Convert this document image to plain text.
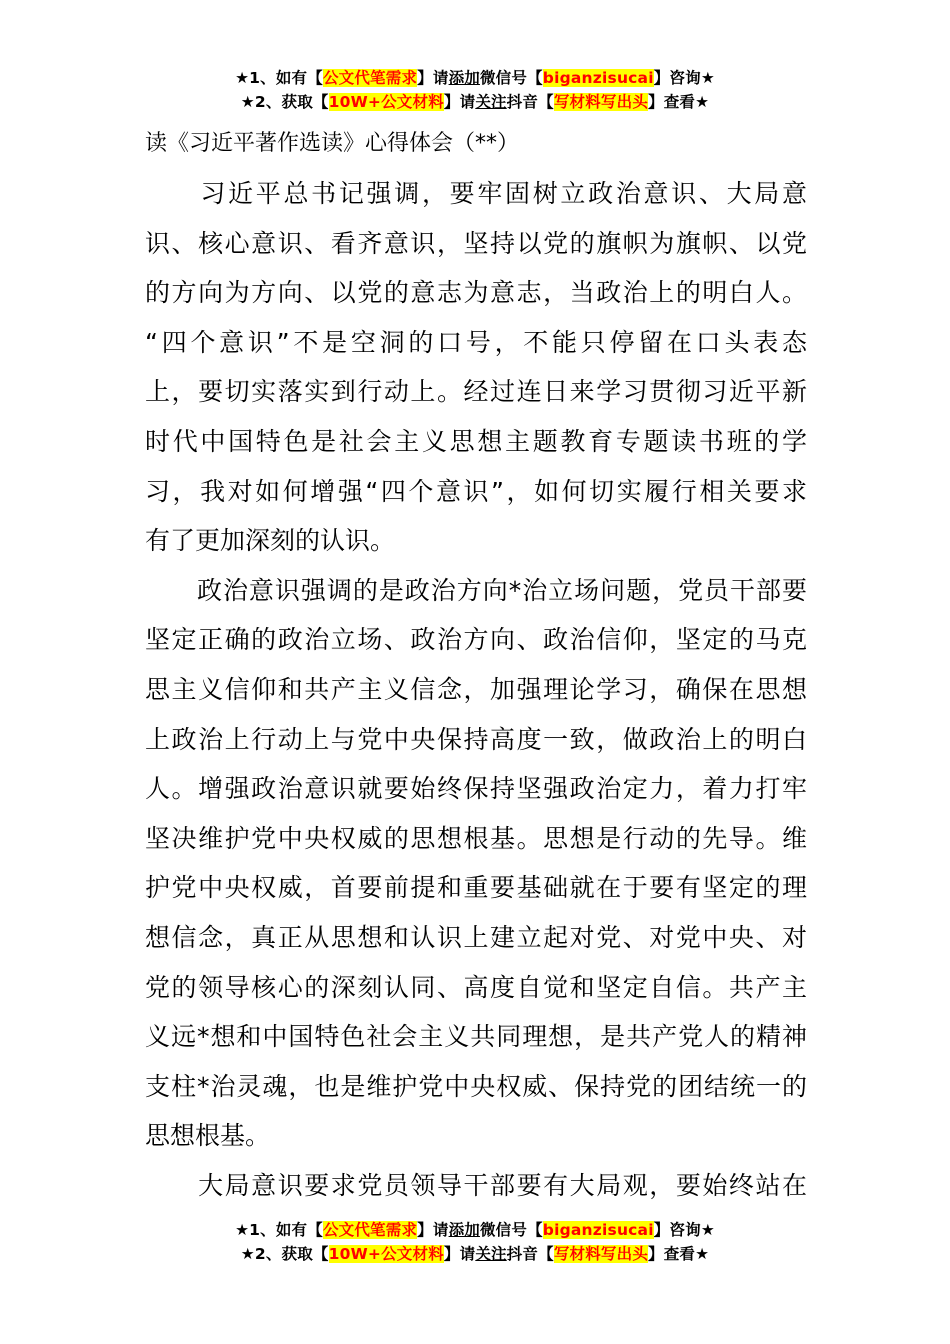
★1、如有【公文代笔需求】请添加微信号【biganzisucai】咨询★
★2、获取【10W+公文材料】请关注抖音【写材料写出头】查看★
读《习近平著作选读》心得体会（**）
　　习近平总书记强调，要牢固树立政治意识、大局意
识、核心意识、看齐意识，坚持以党的旗帜为旗帜、以党
的方向为方向、以党的意志为意志，当政治上的明白人。
“四个意识”不是空洞的口号，不能只停留在口头表态
上，要切实落实到行动上。经过连日来学习贯彻习近平新
时代中国特色是社会主义思想主题教育专题读书班的学
习，我对如何增强“四个意识”，如何切实履行相关要求
有了更加深刻的认识。
　　政治意识强调的是政治方向*治立场问题，党员干部要
坚定正确的政治立场、政治方向、政治信仰，坚定的马克
思主义信仰和共产主义信念，加强理论学习，确保在思想
上政治上行动上与党中央保持高度一致，做政治上的明白
人。增强政治意识就要始终保持坚强政治定力，着力打牢
坚决维护党中央权威的思想根基。思想是行动的先导。维
护党中央权威，首要前提和重要基础就在于要有坚定的理
想信念，真正从思想和认识上建立起对党、对党中央、对
党的领导核心的深刻认同、高度自觉和坚定自信。共产主
义远*想和中国特色社会主义共同理想，是共产党人的精神
支柱*治灵魂，也是维护党中央权威、保持党的团结统一的
思想根基。
　　大局意识要求党员领导干部要有大局观，要始终站在
★1、如有【公文代笔需求】请添加微信号【biganzisucai】咨询★
★2、获取【10W+公文材料】请关注抖音【写材料写出头】查看★
